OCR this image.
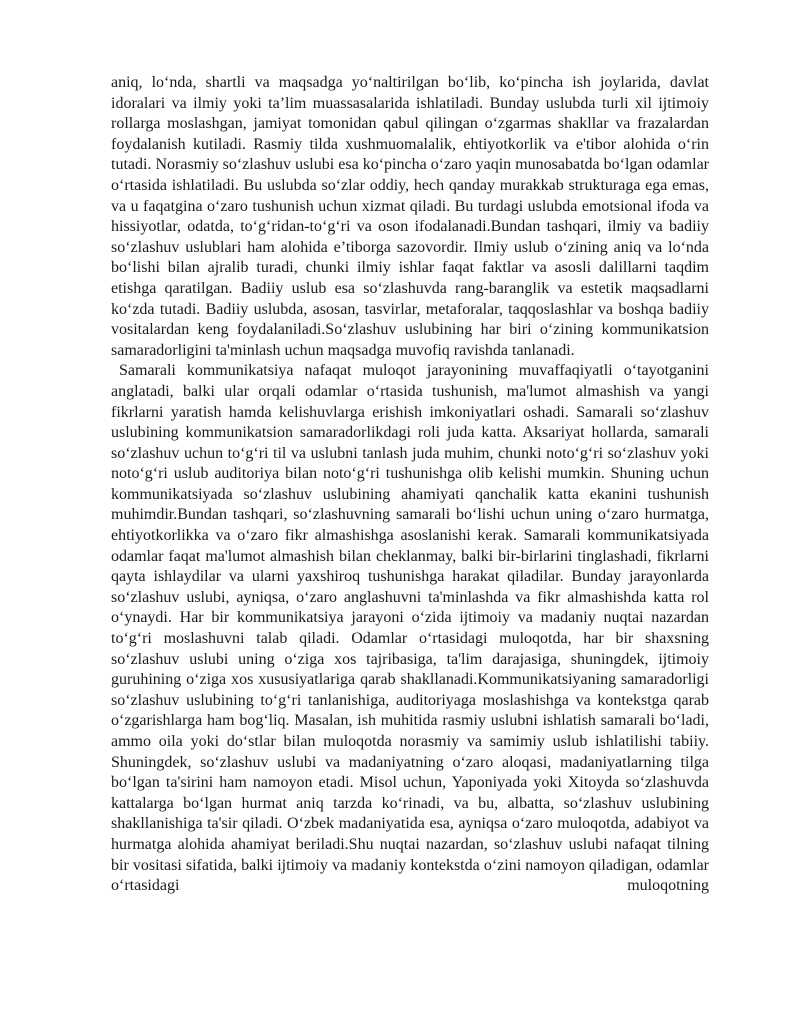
aniq, lo‘nda, shartli va maqsadga yo‘naltirilgan bo‘lib, ko‘pincha ish joylarida, davlat idoralari va ilmiy yoki ta’lim muassasalarida ishlatiladi. Bunday uslubda turli xil ijtimoiy rollarga moslashgan, jamiyat tomonidan qabul qilingan o‘zgarmas shakllar va frazalardan foydalanish kutiladi. Rasmiy tilda xushmuomalalik, ehtiyotkorlik va e'tibor alohida o‘rin tutadi. Norasmiy so‘zlashuv uslubi esa ko‘pincha o‘zaro yaqin munosabatda bo‘lgan odamlar o‘rtasida ishlatiladi. Bu uslubda so‘zlar oddiy, hech qanday murakkab strukturaga ega emas, va u faqatgina o‘zaro tushunish uchun xizmat qiladi. Bu turdagi uslubda emotsional ifoda va hissiyotlar, odatda, to‘g‘ridan-to‘g‘ri va oson ifodalanadi.Bundan tashqari, ilmiy va badiiy so‘zlashuv uslublari ham alohida e’tiborga sazovordir. Ilmiy uslub o‘zining aniq va lo‘nda bo‘lishi bilan ajralib turadi, chunki ilmiy ishlar faqat faktlar va asosli dalillarni taqdim etishga qaratilgan. Badiiy uslub esa so‘zlashuvda rang-baranglik va estetik maqsadlarni ko‘zda tutadi. Badiiy uslubda, asosan, tasvirlar, metaforalar, taqqoslashlar va boshqa badiiy vositalardan keng foydalaniladi.So‘zlashuv uslubining har biri o‘zining kommunikatsion samaradorligini ta'minlash uchun maqsadga muvofiq ravishda tanlanadi.

Samarali kommunikatsiya nafaqat muloqot jarayonining muvaffaqiyatli o‘tayotganini anglatadi, balki ular orqali odamlar o‘rtasida tushunish, ma'lumot almashish va yangi fikrlarni yaratish hamda kelishuvlarga erishish imkoniyatlari oshadi. Samarali so‘zlashuv uslubining kommunikatsion samaradorlikdagi roli juda katta. Aksariyat hollarda, samarali so‘zlashuv uchun to‘g‘ri til va uslubni tanlash juda muhim, chunki noto‘g‘ri so‘zlashuv yoki noto‘g‘ri uslub auditoriya bilan noto‘g‘ri tushunishga olib kelishi mumkin. Shuning uchun kommunikatsiyada so‘zlashuv uslubining ahamiyati qanchalik katta ekanini tushunish muhimdir.Bundan tashqari, so‘zlashuvning samarali bo‘lishi uchun uning o‘zaro hurmatga, ehtiyotkorlikka va o‘zaro fikr almashishga asoslanishi kerak. Samarali kommunikatsiyada odamlar faqat ma'lumot almashish bilan cheklanmay, balki bir-birlarini tinglashadi, fikrlarni qayta ishlaydilar va ularni yaxshiroq tushunishga harakat qiladilar. Bunday jarayonlarda so‘zlashuv uslubi, ayniqsa, o‘zaro anglashuvni ta'minlashda va fikr almashishda katta rol o‘ynaydi. Har bir kommunikatsiya jarayoni o‘zida ijtimoiy va madaniy nuqtai nazardan to‘g‘ri moslashuvni talab qiladi. Odamlar o‘rtasidagi muloqotda, har bir shaxsning so‘zlashuv uslubi uning o‘ziga xos tajribasiga, ta'lim darajasiga, shuningdek, ijtimoiy guruhining o‘ziga xos xususiyatlariga qarab shakllanadi.Kommunikatsiyaning samaradorligi so‘zlashuv uslubining to‘g‘ri tanlanishiga, auditoriyaga moslashishga va kontekstga qarab o‘zgarishlarga ham bog‘liq. Masalan, ish muhitida rasmiy uslubni ishlatish samarali bo‘ladi, ammo oila yoki do‘stlar bilan muloqotda norasmiy va samimiy uslub ishlatilishi tabiiy. Shuningdek, so‘zlashuv uslubi va madaniyatning o‘zaro aloqasi, madaniyatlarning tilga bo‘lgan ta'sirini ham namoyon etadi. Misol uchun, Yaponiyada yoki Xitoyda so‘zlashuvda kattalarga bo‘lgan hurmat aniq tarzda ko‘rinadi, va bu, albatta, so‘zlashuv uslubining shakllanishiga ta'sir qiladi. O‘zbek madaniyatida esa, ayniqsa o‘zaro muloqotda, adabiyot va hurmatga alohida ahamiyat beriladi.Shu nuqtai nazardan, so‘zlashuv uslubi nafaqat tilning bir vositasi sifatida, balki ijtimoiy va madaniy kontekstda o‘zini namoyon qiladigan, odamlar o‘rtasidagi muloqotning
